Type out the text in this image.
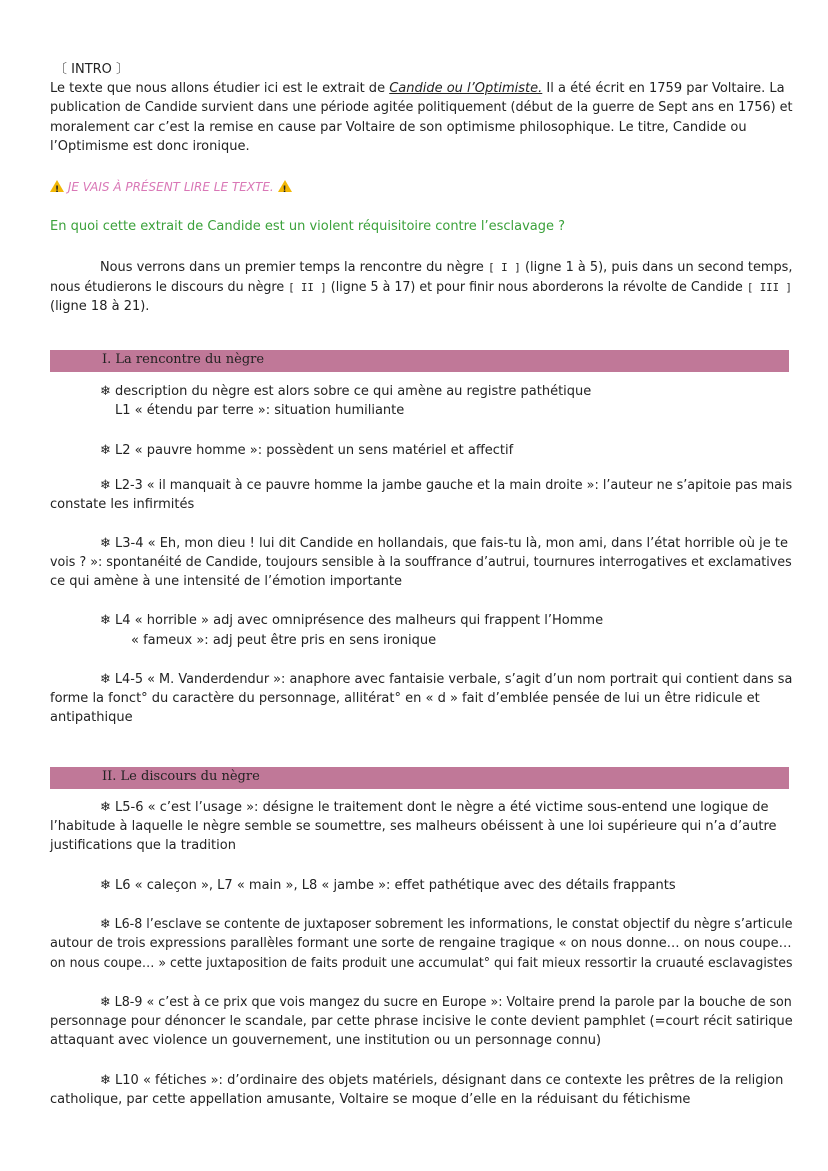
〔 INTRO 〕
Le texte que nous allons étudier ici est le extrait de Candide ou l’Optimiste. Il a été écrit en 1759 par Voltaire. La
publication de Candide survient dans une période agitée politiquement (début de la guerre de Sept ans en 1756) et
moralement car c’est la remise en cause par Voltaire de son optimisme philosophique. Le titre, Candide ou
l’Optimisme est donc ironique.
! JE VAIS À PRÉSENT LIRE LE TEXTE. !
En quoi cette extrait de Candide est un violent réquisitoire contre l’esclavage ?
Nous verrons dans un premier temps la rencontre du nègre [ I ] (ligne 1 à 5), puis dans un second temps,
nous étudierons le discours du nègre [ II ] (ligne 5 à 17) et pour finir nous aborderons la révolte de Candide [ III ]
(ligne 18 à 21).
I. La rencontre du nègre
❄ description du nègre est alors sobre ce qui amène au registre pathétique
L1 « étendu par terre »: situation humiliante
❄ L2 « pauvre homme »: possèdent un sens matériel et affectif
❄ L2-3 « il manquait à ce pauvre homme la jambe gauche et la main droite »: l’auteur ne s’apitoie pas mais
constate les infirmités
❄ L3-4 « Eh, mon dieu ! lui dit Candide en hollandais, que fais-tu là, mon ami, dans l’état horrible où je te
vois ? »: spontanéité de Candide, toujours sensible à la souffrance d’autrui, tournures interrogatives et exclamatives
ce qui amène à une intensité de l’émotion importante
❄ L4 « horrible » adj avec omniprésence des malheurs qui frappent l’Homme
« fameux »: adj peut être pris en sens ironique
❄ L4-5 « M. Vanderdendur »: anaphore avec fantaisie verbale, s’agit d’un nom portrait qui contient dans sa
forme la fonct° du caractère du personnage, allitérat° en « d » fait d’emblée pensée de lui un être ridicule et
antipathique
II. Le discours du nègre
❄ L5-6 « c’est l’usage »: désigne le traitement dont le nègre a été victime sous-entend une logique de
l’habitude à laquelle le nègre semble se soumettre, ses malheurs obéissent à une loi supérieure qui n’a d’autre
justifications que la tradition
❄ L6 « caleçon », L7 « main », L8 « jambe »: effet pathétique avec des détails frappants
❄ L6-8 l’esclave se contente de juxtaposer sobrement les informations, le constat objectif du nègre s’articule
autour de trois expressions parallèles formant une sorte de rengaine tragique « on nous donne… on nous coupe…
on nous coupe… » cette juxtaposition de faits produit une accumulat° qui fait mieux ressortir la cruauté esclavagistes
❄ L8-9 « c’est à ce prix que vois mangez du sucre en Europe »: Voltaire prend la parole par la bouche de son
personnage pour dénoncer le scandale, par cette phrase incisive le conte devient pamphlet (=court récit satirique
attaquant avec violence un gouvernement, une institution ou un personnage connu)
❄ L10 « fétiches »: d’ordinaire des objets matériels, désignant dans ce contexte les prêtres de la religion
catholique, par cette appellation amusante, Voltaire se moque d’elle en la réduisant du fétichisme
